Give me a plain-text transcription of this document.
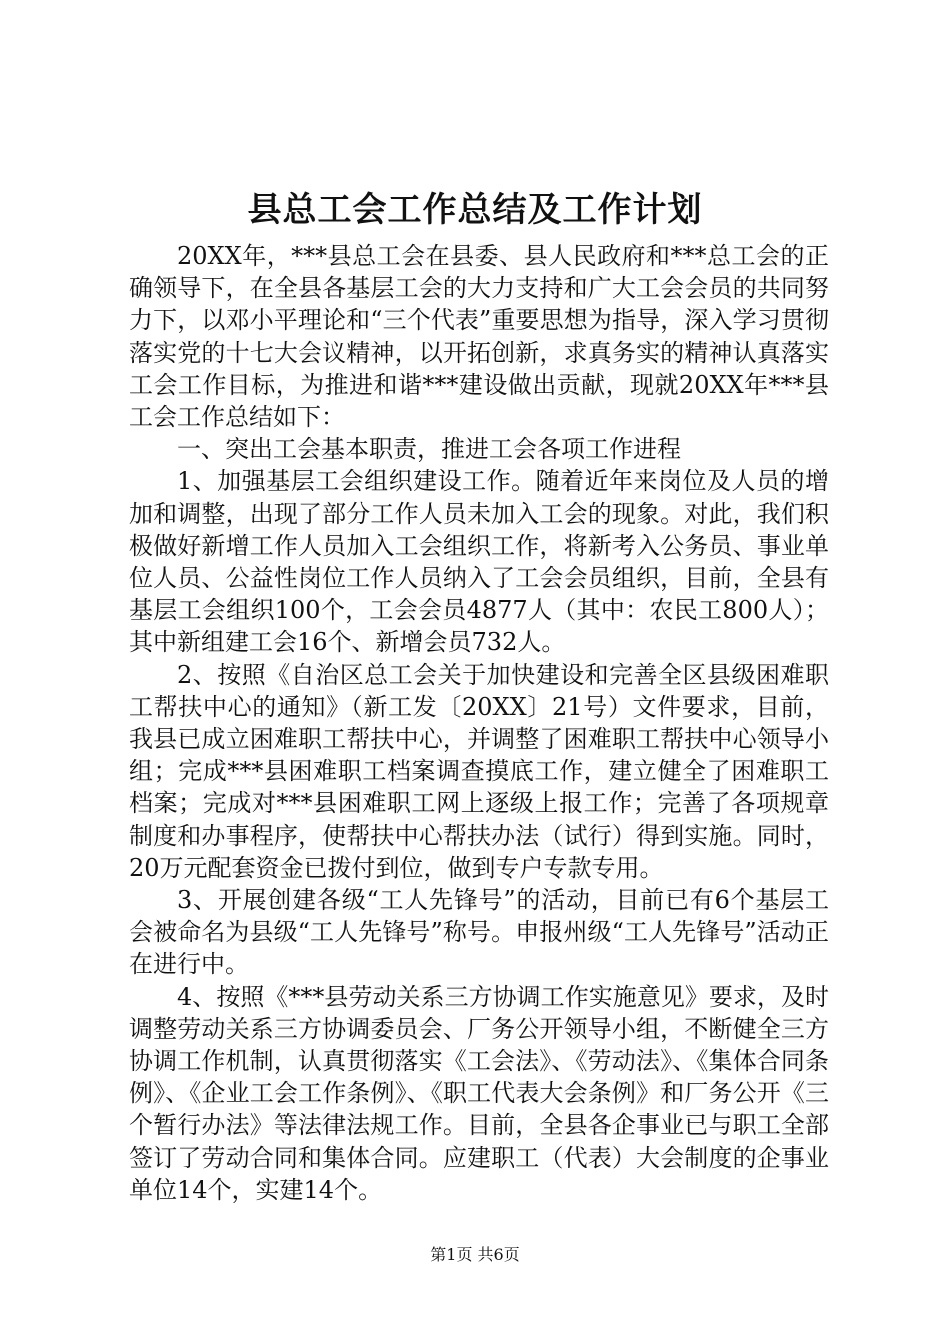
县总工会工作总结及工作计划

20XX年，***县总工会在县委、县人民政府和***总工会的正确领导下，在全县各基层工会的大力支持和广大工会会员的共同努力下，以邓小平理论和“三个代表”重要思想为指导，深入学习贯彻落实党的十七大会议精神，以开拓创新，求真务实的精神认真落实工会工作目标，为推进和谐***建设做出贡献，现就20XX年***县工会工作总结如下：

一、突出工会基本职责，推进工会各项工作进程

1、加强基层工会组织建设工作。随着近年来岗位及人员的增加和调整，出现了部分工作人员未加入工会的现象。对此，我们积极做好新增工作人员加入工会组织工作，将新考入公务员、事业单位人员、公益性岗位工作人员纳入了工会会员组织，目前，全县有基层工会组织100个，工会会员4877人（其中：农民工800人）；其中新组建工会16个、新增会员732人。

2、按照《自治区总工会关于加快建设和完善全区县级困难职工帮扶中心的通知》（新工发〔20XX〕21号）文件要求，目前，我县已成立困难职工帮扶中心，并调整了困难职工帮扶中心领导小组；完成***县困难职工档案调查摸底工作，建立健全了困难职工档案；完成对***县困难职工网上逐级上报工作；完善了各项规章制度和办事程序，使帮扶中心帮扶办法（试行）得到实施。同时，20万元配套资金已拨付到位，做到专户专款专用。

3、开展创建各级“工人先锋号”的活动，目前已有6个基层工会被命名为县级“工人先锋号”称号。申报州级“工人先锋号”活动正在进行中。

4、按照《***县劳动关系三方协调工作实施意见》要求，及时调整劳动关系三方协调委员会、厂务公开领导小组，不断健全三方协调工作机制，认真贯彻落实《工会法》、《劳动法》、《集体合同条例》、《企业工会工作条例》、《职工代表大会条例》和厂务公开《三个暂行办法》等法律法规工作。目前，全县各企事业已与职工全部签订了劳动合同和集体合同。应建职工（代表）大会制度的企事业单位14个，实建14个。

第1页 共6页
